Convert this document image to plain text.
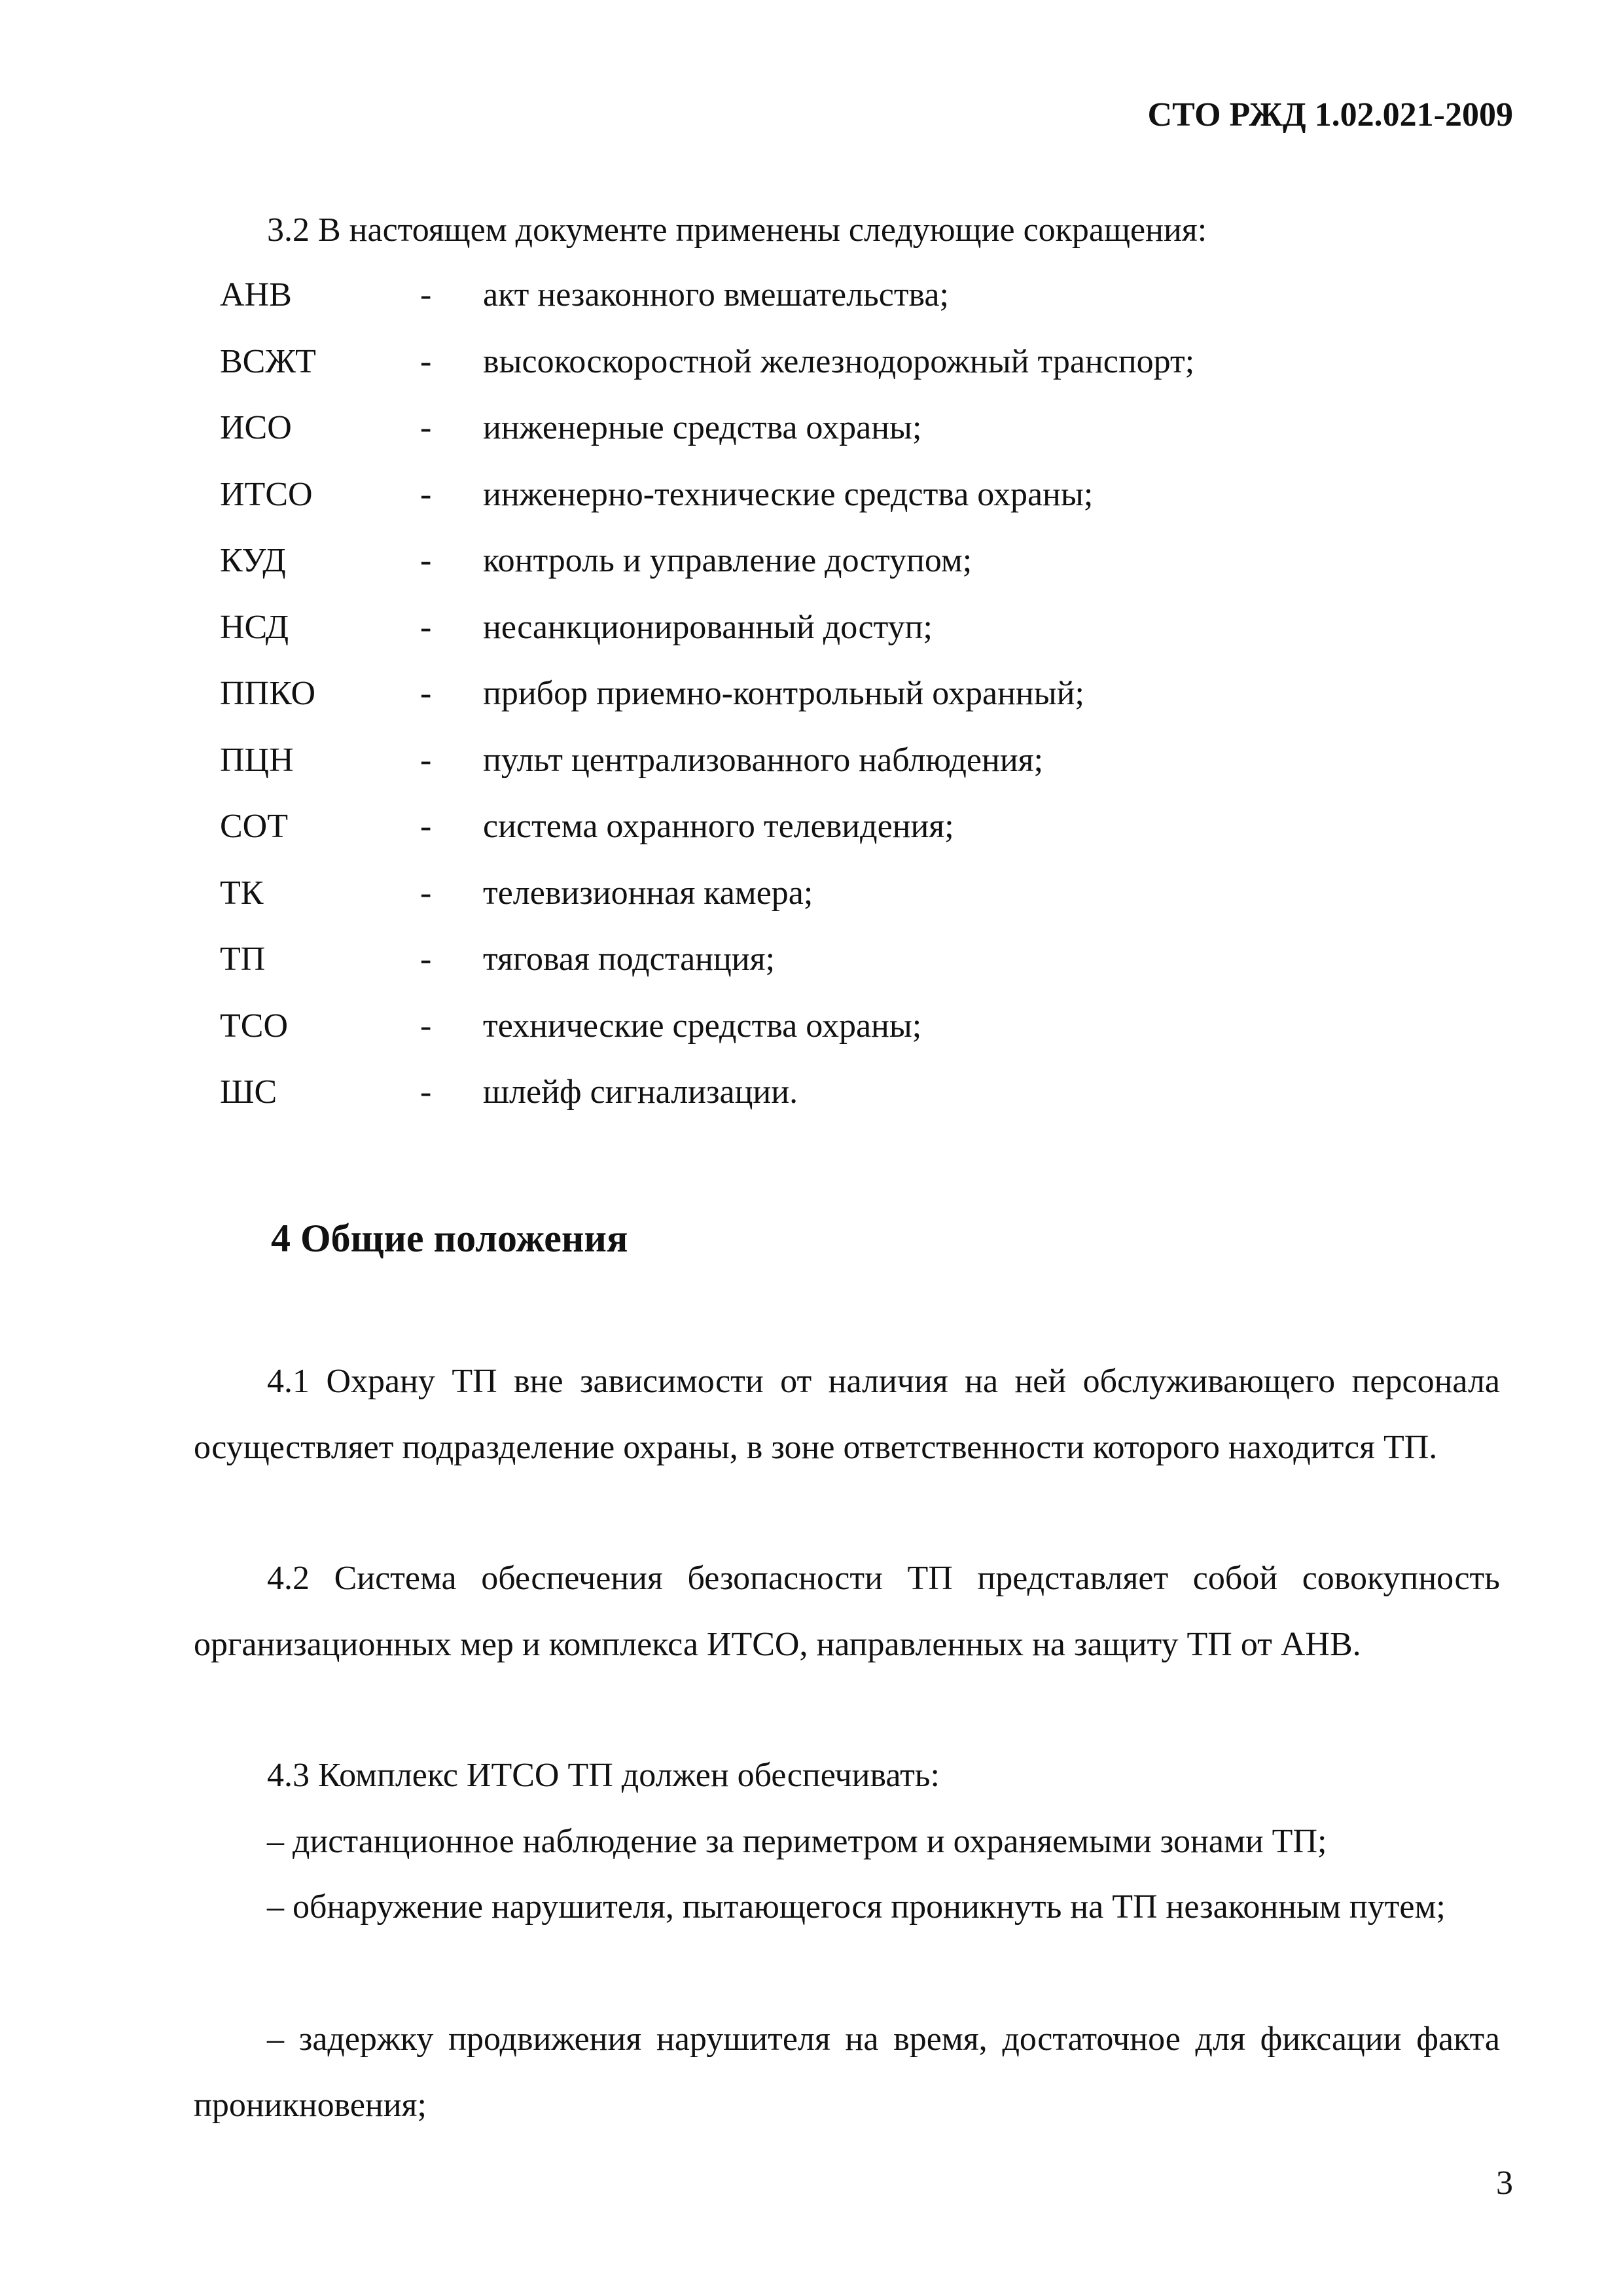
СТО РЖД 1.02.021-2009
3.2 В настоящем документе применены следующие сокращения:
АНВ	- акт незаконного вмешательства;
ВСЖТ	- высокоскоростной железнодорожный транспорт;
ИСО	- инженерные средства охраны;
ИТСО	- инженерно-технические средства охраны;
КУД	- контроль и управление доступом;
НСД	- несанкционированный доступ;
ППКО	- прибор приемно-контрольный охранный;
ПЦН	- пульт централизованного наблюдения;
СОТ	- система охранного телевидения;
ТК	- телевизионная камера;
ТП	- тяговая подстанция;
ТСО	- технические средства охраны;
ШС	- шлейф сигнализации.
4 Общие положения

4.1 Охрану ТП вне зависимости от наличия на ней обслуживающего персонала осуществляет подразделение охраны, в зоне ответственности которого находится ТП.

4.2 Система обеспечения безопасности ТП представляет собой совокупность организационных мер и комплекса ИТСО, направленных на защиту ТП от АНВ.

4.3 Комплекс ИТСО ТП должен обеспечивать:

– дистанционное наблюдение за периметром и охраняемыми зонами ТП;

– обнаружение нарушителя, пытающегося проникнуть на ТП незаконным путем;

– задержку продвижения нарушителя на время, достаточное для фиксации факта проникновения;

3
